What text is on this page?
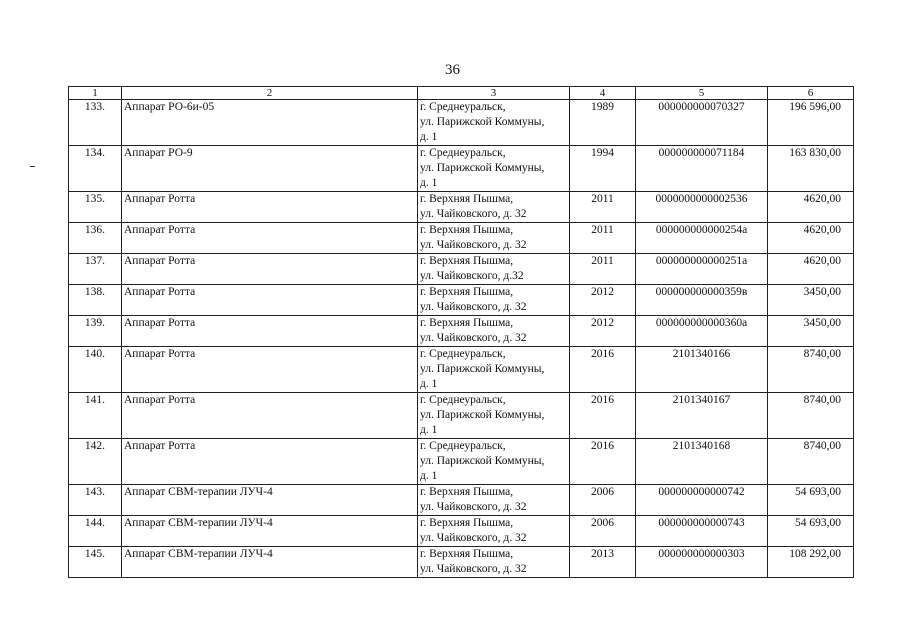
36
1	2	3	4	5	6
133.	Аппарат РО-6и-05	г. Среднеуральск,
ул. Парижской Коммуны,
д. 1	1989	000000000070327	196 596,00
134.	Аппарат РО-9	г. Среднеуральск,
ул. Парижской Коммуны,
д. 1	1994	000000000071184	163 830,00
135.	Аппарат Ротта	г. Верхняя Пышма,
ул. Чайковского, д. 32	2011	0000000000002536	4620,00
136.	Аппарат Ротта	г. Верхняя Пышма,
ул. Чайковского, д. 32	2011	000000000000254а	4620,00
137.	Аппарат Ротта	г. Верхняя Пышма,
ул. Чайковского, д.32	2011	000000000000251а	4620,00
138.	Аппарат Ротта	г. Верхняя Пышма,
ул. Чайковского, д. 32	2012	000000000000359в	3450,00
139.	Аппарат Ротта	г. Верхняя Пышма,
ул. Чайковского, д. 32	2012	000000000000360а	3450,00
140.	Аппарат Ротта	г. Среднеуральск,
ул. Парижской Коммуны,
д. 1	2016	2101340166	8740,00
141.	Аппарат Ротта	г. Среднеуральск,
ул. Парижской Коммуны,
д. 1	2016	2101340167	8740,00
142.	Аппарат Ротта	г. Среднеуральск,
ул. Парижской Коммуны,
д. 1	2016	2101340168	8740,00
143.	Аппарат СВМ-терапии ЛУЧ-4	г. Верхняя Пышма,
ул. Чайковского, д. 32	2006	000000000000742	54 693,00
144.	Аппарат СВМ-терапии ЛУЧ-4	г. Верхняя Пышма,
ул. Чайковского, д. 32	2006	000000000000743	54 693,00
145.	Аппарат СВМ-терапии ЛУЧ-4	г. Верхняя Пышма,
ул. Чайковского, д. 32	2013	000000000000303	108 292,00
